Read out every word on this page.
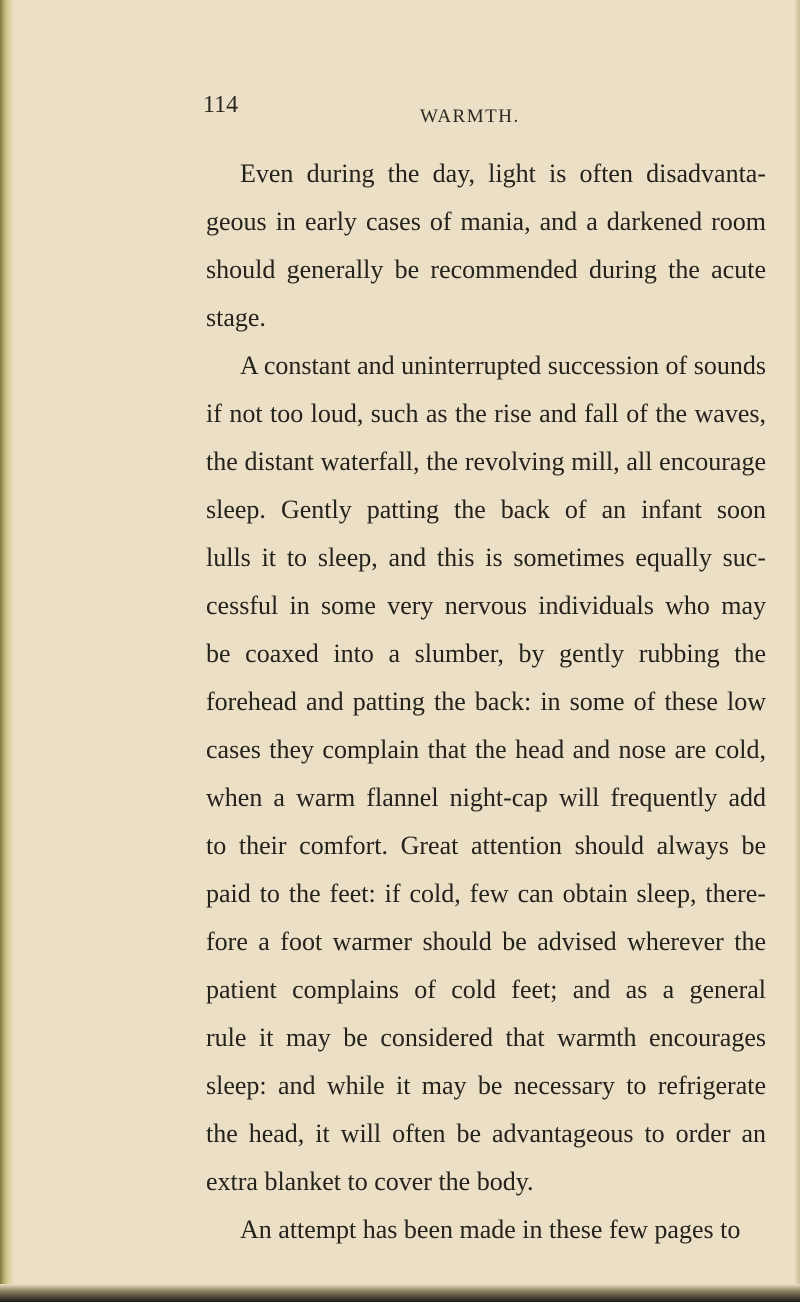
114	WARMTH.
Even during the day, light is often disadvanta-
geous in early cases of mania, and a darkened room
should generally be recommended during the acute
stage.
A constant and uninterrupted succession of sounds
if not too loud, such as the rise and fall of the waves,
the distant waterfall, the revolving mill, all encourage
sleep. Gently patting the back of an infant soon
lulls it to sleep, and this is sometimes equally suc-
cessful in some very nervous individuals who may
be coaxed into a slumber, by gently rubbing the
forehead and patting the back: in some of these low
cases they complain that the head and nose are cold,
when a warm flannel night-cap will frequently add
to their comfort. Great attention should always be
paid to the feet: if cold, few can obtain sleep, there-
fore a foot warmer should be advised wherever the
patient complains of cold feet; and as a general
rule it may be considered that warmth encourages
sleep: and while it may be necessary to refrigerate
the head, it will often be advantageous to order an
extra blanket to cover the body.
An attempt has been made in these few pages to
